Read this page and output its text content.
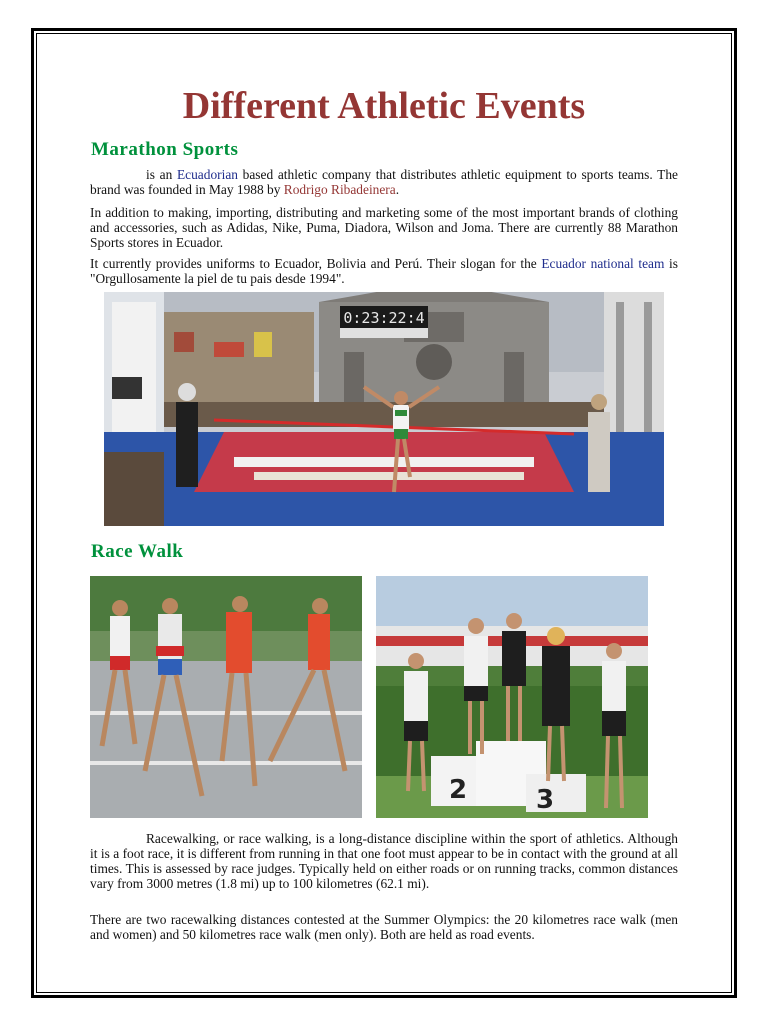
Different Athletic Events
Marathon Sports

is an Ecuadorian based athletic company that distributes athletic equipment to sports teams. The brand was founded in May 1988 by Rodrigo Ribadeinera.

In addition to making, importing, distributing and marketing some of the most important brands of clothing and accessories, such as Adidas, Nike, Puma, Diadora, Wilson and Joma. There are currently 88 Marathon Sports stores in Ecuador.

It currently provides uniforms to Ecuador, Bolivia and Perú. Their slogan for the Ecuador national team is "Orgullosamente la piel de tu pais desde 1994".

0:23:22:4
Race Walk
2	3

Racewalking, or race walking, is a long-distance discipline within the sport of athletics. Although it is a foot race, it is different from running in that one foot must appear to be in contact with the ground at all times. This is assessed by race judges. Typically held on either roads or on running tracks, common distances vary from 3000 metres (1.8 mi) up to 100 kilometres (62.1 mi).

There are two racewalking distances contested at the Summer Olympics: the 20 kilometres race walk (men and women) and 50 kilometres race walk (men only). Both are held as road events.
